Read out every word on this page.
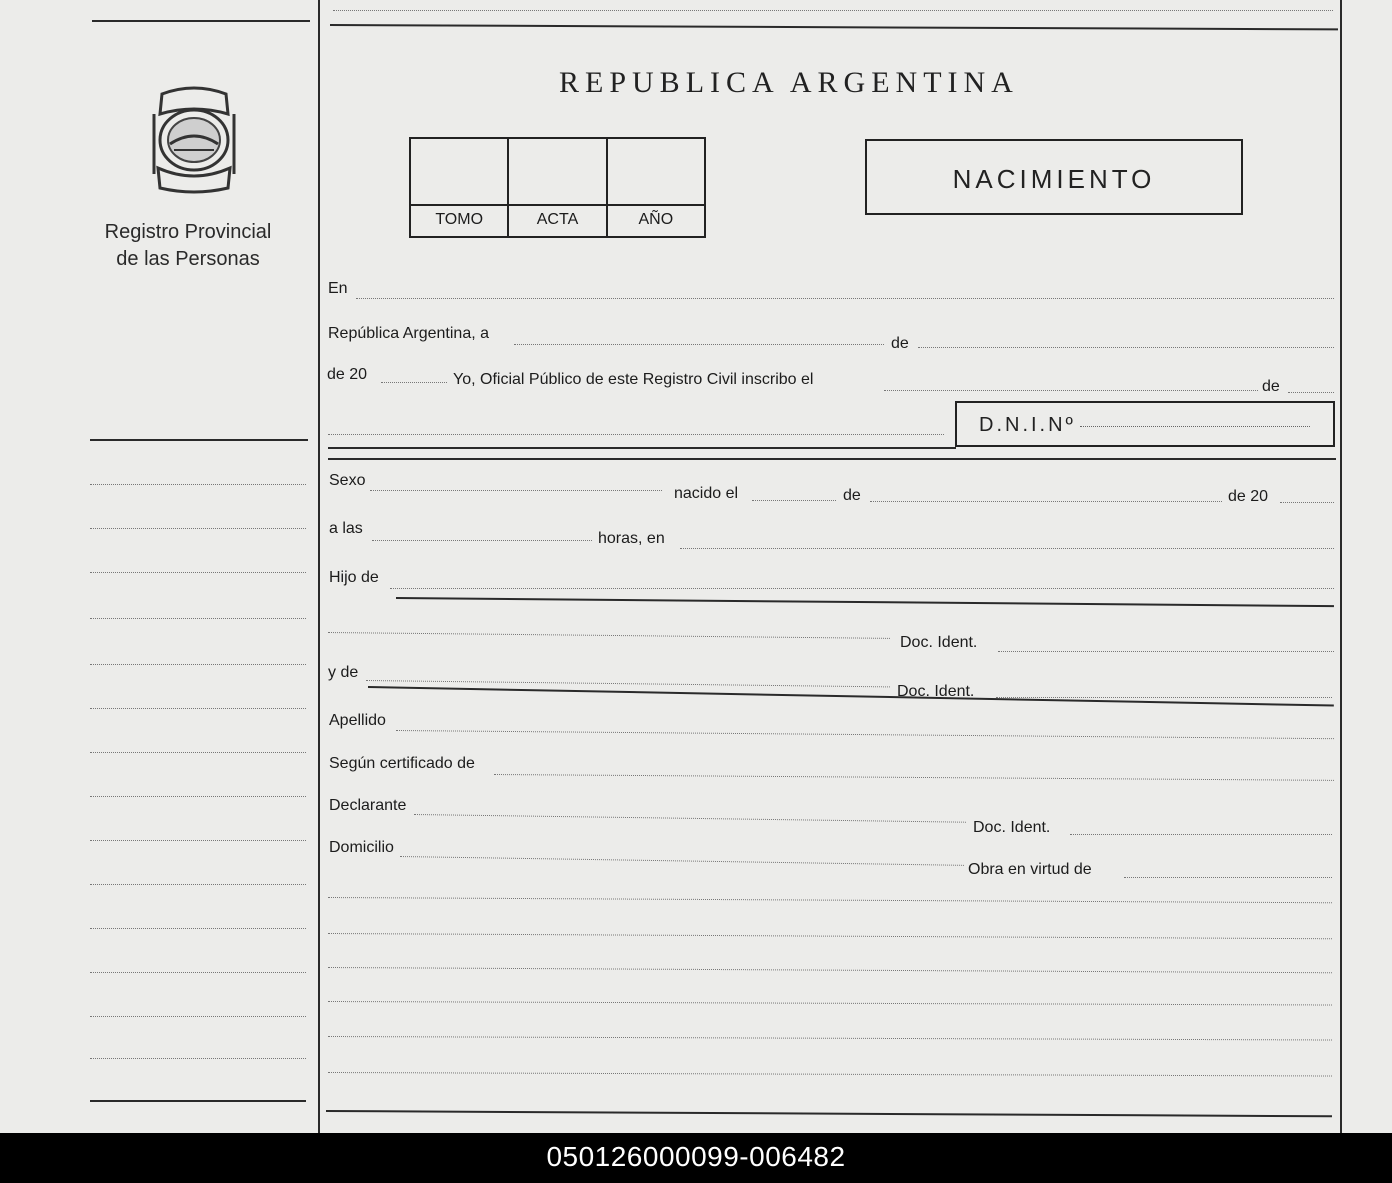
Registro Provincial
de las Personas
REPUBLICA ARGENTINA
TOMO	ACTA	AÑO
NACIMIENTO
En
República Argentina, a
de
de 20	Yo, Oficial Público de este Registro Civil inscribo el	de
D.N.I.Nº
Sexo
nacido el	de	de 20
a las
horas, en
Hijo de
Doc. Ident.
y de
Doc. Ident.
Apellido
Según certificado de
Declarante
Doc. Ident.
Domicilio
Obra en virtud de
050126000099-006482
